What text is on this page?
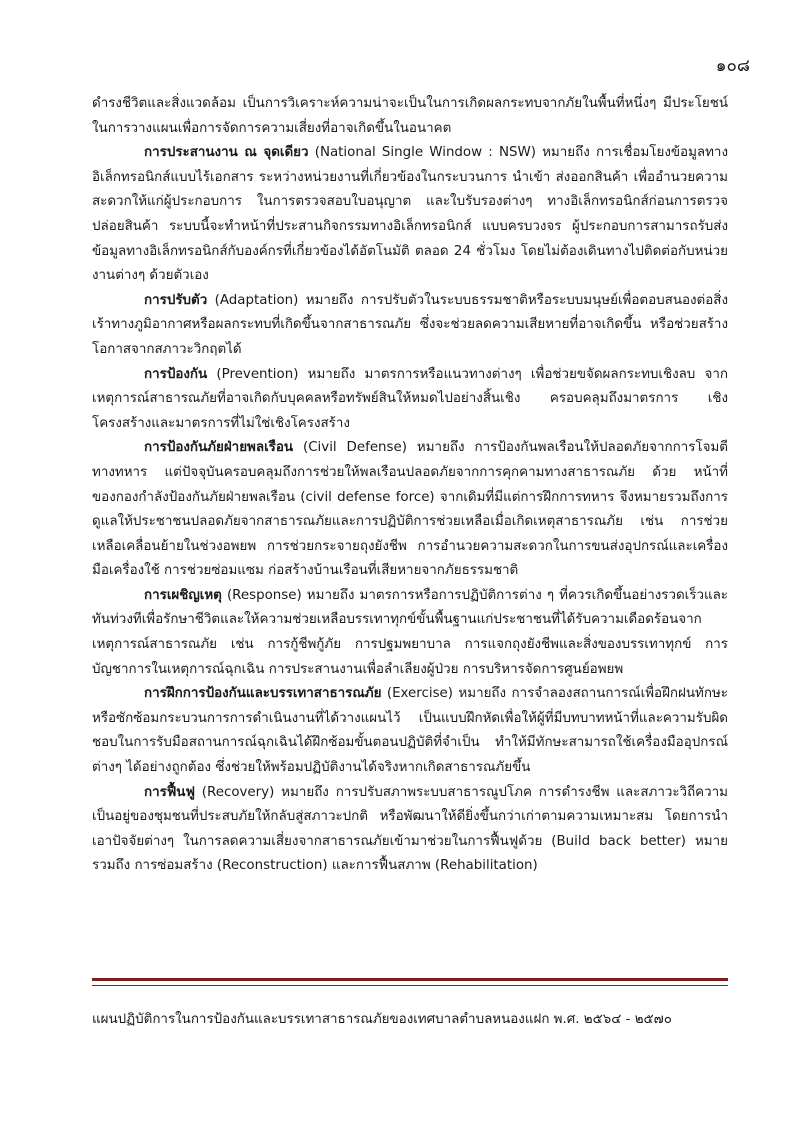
๑๐๘

ดำรงชีวิตและสิ่งแวดล้อม เป็นการวิเคราะห์ความน่าจะเป็นในการเกิดผลกระทบจากภัยในพื้นที่หนึ่งๆ มีประโยชน์ในการวางแผนเพื่อการจัดการความเสี่ยงที่อาจเกิดขึ้นในอนาคต

การประสานงาน ณ จุดเดียว (National Single Window : NSW) หมายถึง การเชื่อมโยงข้อมูลทางอิเล็กทรอนิกส์แบบไร้เอกสาร ระหว่างหน่วยงานที่เกี่ยวข้องในกระบวนการ นำเข้า ส่งออกสินค้า เพื่ออำนวยความสะดวกให้แก่ผู้ประกอบการ ในการตรวจสอบใบอนุญาต และใบรับรองต่างๆ ทางอิเล็กทรอนิกส์ก่อนการตรวจปล่อยสินค้า ระบบนี้จะทำหน้าที่ประสานกิจกรรมทางอิเล็กทรอนิกส์ แบบครบวงจร ผู้ประกอบการสามารถรับส่งข้อมูลทางอิเล็กทรอนิกส์กับองค์กรที่เกี่ยวข้องได้อัตโนมัติ ตลอด 24 ชั่วโมง โดยไม่ต้องเดินทางไปติดต่อกับหน่วยงานต่างๆ ด้วยตัวเอง

การปรับตัว (Adaptation) หมายถึง การปรับตัวในระบบธรรมชาติหรือระบบมนุษย์เพื่อตอบสนองต่อสิ่งเร้าทางภูมิอากาศหรือผลกระทบที่เกิดขึ้นจากสาธารณภัย ซึ่งจะช่วยลดความเสียหายที่อาจเกิดขึ้น หรือช่วยสร้างโอกาสจากสภาวะวิกฤตได้

การป้องกัน (Prevention) หมายถึง มาตรการหรือแนวทางต่างๆ เพื่อช่วยขจัดผลกระทบเชิงลบ จากเหตุการณ์สาธารณภัยที่อาจเกิดกับบุคคลหรือทรัพย์สินให้หมดไปอย่างสิ้นเชิง ครอบคลุมถึงมาตรการ เชิงโครงสร้างและมาตรการที่ไม่ใช่เชิงโครงสร้าง

การป้องกันภัยฝ่ายพลเรือน (Civil Defense) หมายถึง การป้องกันพลเรือนให้ปลอดภัยจากการโจมตีทางทหาร แต่ปัจจุบันครอบคลุมถึงการช่วยให้พลเรือนปลอดภัยจากการคุกคามทางสาธารณภัย ด้วย หน้าที่ของกองกำลังป้องกันภัยฝ่ายพลเรือน (civil defense force) จากเดิมที่มีแต่การฝึกการทหาร จึงหมายรวมถึงการดูแลให้ประชาชนปลอดภัยจากสาธารณภัยและการปฏิบัติการช่วยเหลือเมื่อเกิดเหตุสาธารณภัย เช่น การช่วยเหลือเคลื่อนย้ายในช่วงอพยพ การช่วยกระจายถุงยังชีพ การอำนวยความสะดวกในการขนส่งอุปกรณ์และเครื่องมือเครื่องใช้ การช่วยซ่อมแซม ก่อสร้างบ้านเรือนที่เสียหายจากภัยธรรมชาติ

การเผชิญเหตุ (Response) หมายถึง มาตรการหรือการปฏิบัติการต่าง ๆ ที่ควรเกิดขึ้นอย่างรวดเร็วและทันท่วงทีเพื่อรักษาชีวิตและให้ความช่วยเหลือบรรเทาทุกข์ขั้นพื้นฐานแก่ประชาชนที่ได้รับความเดือดร้อนจากเหตุการณ์สาธารณภัย เช่น การกู้ชีพกู้ภัย การปฐมพยาบาล การแจกถุงยังชีพและสิ่งของบรรเทาทุกข์ การบัญชาการในเหตุการณ์ฉุกเฉิน การประสานงานเพื่อลำเลียงผู้ป่วย การบริหารจัดการศูนย์อพยพ

การฝึกการป้องกันและบรรเทาสาธารณภัย (Exercise) หมายถึง การจำลองสถานการณ์เพื่อฝึกฝนทักษะหรือซักซ้อมกระบวนการการดำเนินงานที่ได้วางแผนไว้ เป็นแบบฝึกหัดเพื่อให้ผู้ที่มีบทบาทหน้าที่และความรับผิดชอบในการรับมือสถานการณ์ฉุกเฉินได้ฝึกซ้อมขั้นตอนปฏิบัติที่จำเป็น ทำให้มีทักษะสามารถใช้เครื่องมืออุปกรณ์ต่างๆ ได้อย่างถูกต้อง ซึ่งช่วยให้พร้อมปฏิบัติงานได้จริงหากเกิดสาธารณภัยขึ้น

การฟื้นฟู (Recovery) หมายถึง การปรับสภาพระบบสาธารณูปโภค การดำรงชีพ และสภาวะวิถีความเป็นอยู่ของชุมชนที่ประสบภัยให้กลับสู่สภาวะปกติ หรือพัฒนาให้ดียิ่งขึ้นกว่าเก่าตามความเหมาะสม โดยการนำเอาปัจจัยต่างๆ ในการลดความเสี่ยงจากสาธารณภัยเข้ามาช่วยในการฟื้นฟูด้วย (Build back better) หมายรวมถึง การซ่อมสร้าง (Reconstruction) และการฟื้นสภาพ (Rehabilitation)

แผนปฏิบัติการในการป้องกันและบรรเทาสาธารณภัยของเทศบาลตำบลหนองแฝก พ.ศ. ๒๕๖๔ - ๒๕๗๐
